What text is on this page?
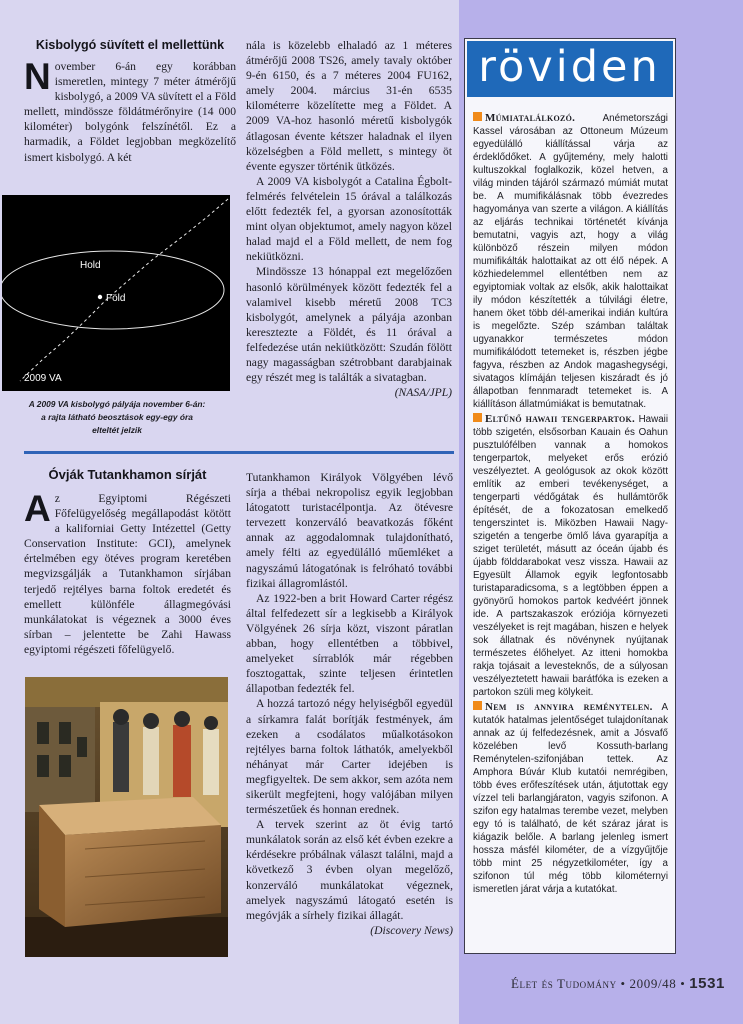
Kisbolygó süvített el mellettünk

November 6-án egy korábban ismeretlen, mintegy 7 méter átmérőjű kisbolygó, a 2009 VA süvített el a Föld mellett, mindössze földátmérőnyire (14 000 kilométer) bolygónk felszínétől. Ez a harmadik, a Földet legjobban megközelítő ismert kisbolygó. A két

nála is közelebb elhaladó az 1 méteres átmérőjű 2008 TS26, amely tavaly október 9-én 6150, és a 7 méteres 2004 FU162, amely 2004. március 31-én 6535 kilométerre közelítette meg a Földet. A 2009 VA-hoz hasonló méretű kisbolygók átlagosan évente kétszer haladnak el ilyen közelségben a Föld mellett, s mintegy öt évente egyszer történik ütközés.

A 2009 VA kisbolygót a Catalina Égbolt-felmérés felvételein 15 órával a találkozás előtt fedezték fel, a gyorsan azonosították mint olyan objektumot, amely nagyon közel halad majd el a Föld mellett, de nem fog nekiütközni.

Mindössze 13 hónappal ezt megelőzően hasonló körülmények között fedezték fel a valamivel kisebb méretű 2008 TC3 kisbolygót, amelynek a pályája azonban keresztezte a Földét, és 11 órával a felfedezése után nekiütközött: Szudán fölött nagy magasságban szétrobbant darabjainak egy részét meg is találták a sivatagban.

(NASA/JPL)

Hold
Föld
2009 VA
A 2009 VA kisbolygó pályája november 6-án: a rajta látható beosztások egy-egy óra elteltét jelzik
Óvják Tutankhamon sírját

Az Egyiptomi Régészeti Főfelügyelőség megállapodást kötött a kaliforniai Getty Intézettel (Getty Conservation Institute: GCI), amelynek értelmében egy ötéves program keretében megvizsgálják a Tutankhamon sírjában terjedő rejtélyes barna foltok eredetét és emellett különféle állagmegóvási munkálatokat is végeznek a 3000 éves sírban – jelentette be Zahi Hawass egyiptomi régészeti főfelügyelő.

Tutankhamon Királyok Völgyében lévő sírja a thébai nekropolisz egyik legjobban látogatott turistacélpontja. Az ötévesre tervezett konzerváló beavatkozás főként annak az aggodalomnak tulajdonítható, amely félti az egyedülálló műemléket a nagyszámú látogatónak is felróható további fizikai állagromlástól.

Az 1922-ben a brit Howard Carter régész által felfedezett sír a legkisebb a Királyok Völgyének 26 sírja közt, viszont páratlan abban, hogy ellentétben a többivel, amelyeket sírrablók már régebben fosztogattak, szinte teljesen érintetlen állapotban fedezték fel.

A hozzá tartozó négy helyiségből egyedül a sírkamra falát borítják festmények, ám ezeken a csodálatos műalkotásokon rejtélyes barna foltok láthatók, amelyekből néhányat már Carter idejében is megfigyeltek. De sem akkor, sem azóta nem sikerült megfejteni, hogy valójában milyen természetűek és honnan erednek.

A tervek szerint az öt évig tartó munkálatok során az első két évben ezekre a kérdésekre próbálnak választ találni, majd a következő 3 évben olyan megelőző, konzerváló munkálatokat végeznek, amelyek nagyszámú látogató esetén is megóvják a sírhely fizikai állagát.
(Discovery News)

röviden

Múmiatalálkozó.	Anémetországi Kassel városában az Ottoneum Múzeum egyedülálló kiállítással várja az érdeklődőket. A gyűjtemény, mely halotti kultuszokkal foglalkozik, közel hetven, a világ minden tájáról származó múmiát mutat be. A mumifikálásnak több évezredes hagyománya van szerte a világon. A kiállítás az eljárás technikai történetét kívánja bemutatni, vagyis azt, hogy a világ különböző részein milyen módon mumifikálták halottaikat az ott élő népek. A közhiedelemmel ellentétben nem az egyiptomiak voltak az elsők, akik halottaikat ily módon készítették a túlvilági életre, hanem öket több dél-amerikai indián kultúra is megelőzte. Szép számban találtak ugyanakkor természetes módon mumifikálódott tetemeket is, részben jégbe fagyva, részben az Andok magashegységi, sivatagos klímáján teljesen kiszáradt és jó állapotban fennmaradt tetemeket is. A kiállításon állatmúmiákat is bemutatnak.

Eltűnő hawaii tengerpartok. Hawaii több szigetén, elsősorban Kauain és Oahun pusztulófélben vannak a homokos tengerpartok, melyeket erős erózió veszélyeztet. A geológusok az okok között említik az emberi tevékenységet, a tengerparti védőgátak és hullámtörők építését, de a fokozatosan emelkedő tengerszintet is. Miközben Hawaii Nagy-szigetén a tengerbe ömlő láva gyarapítja a sziget területét, másutt az óceán újabb és újabb földdarabokat vesz vissza. Hawaii az Egyesült Államok egyik legfontosabb turistaparadicsoma, s a legtöbben éppen a gyönyörű homokos partok kedvéért jönnek ide. A partszakaszok eróziója környezeti veszélyeket is rejt magában, hiszen e helyek sok állatnak és növénynek nyújtanak természetes élőhelyet. Az itteni homokba rakja tojásait a levesteknős, de a súlyosan veszélyeztetett hawaii barátfóka is ezeken a partokon szüli meg kölykeit.

Nem is annyira reménytelen. A kutatók hatalmas jelentőséget tulajdonítanak annak az új felfedezésnek, amit a Jósvafő közelében levő Kossuth-barlang Reménytelen-szifonjában tettek. Az Amphora Búvár Klub kutatói nemrégiben, több éves erőfeszítések után, átjutottak egy vízzel teli barlangjáraton, vagyis szifonon. A szifon egy hatalmas terembe vezet, melyben egy tó is található, de két száraz járat is kiágazik belőle. A barlang jelenleg ismert hossza másfél kilométer, de a vízgyűjtője több mint 25 négyzetkilométer, így a szifonon túl még több kilométernyi ismeretlen járat várja a kutatókat.

Élet és Tudomány • 2009/48 • 1531
